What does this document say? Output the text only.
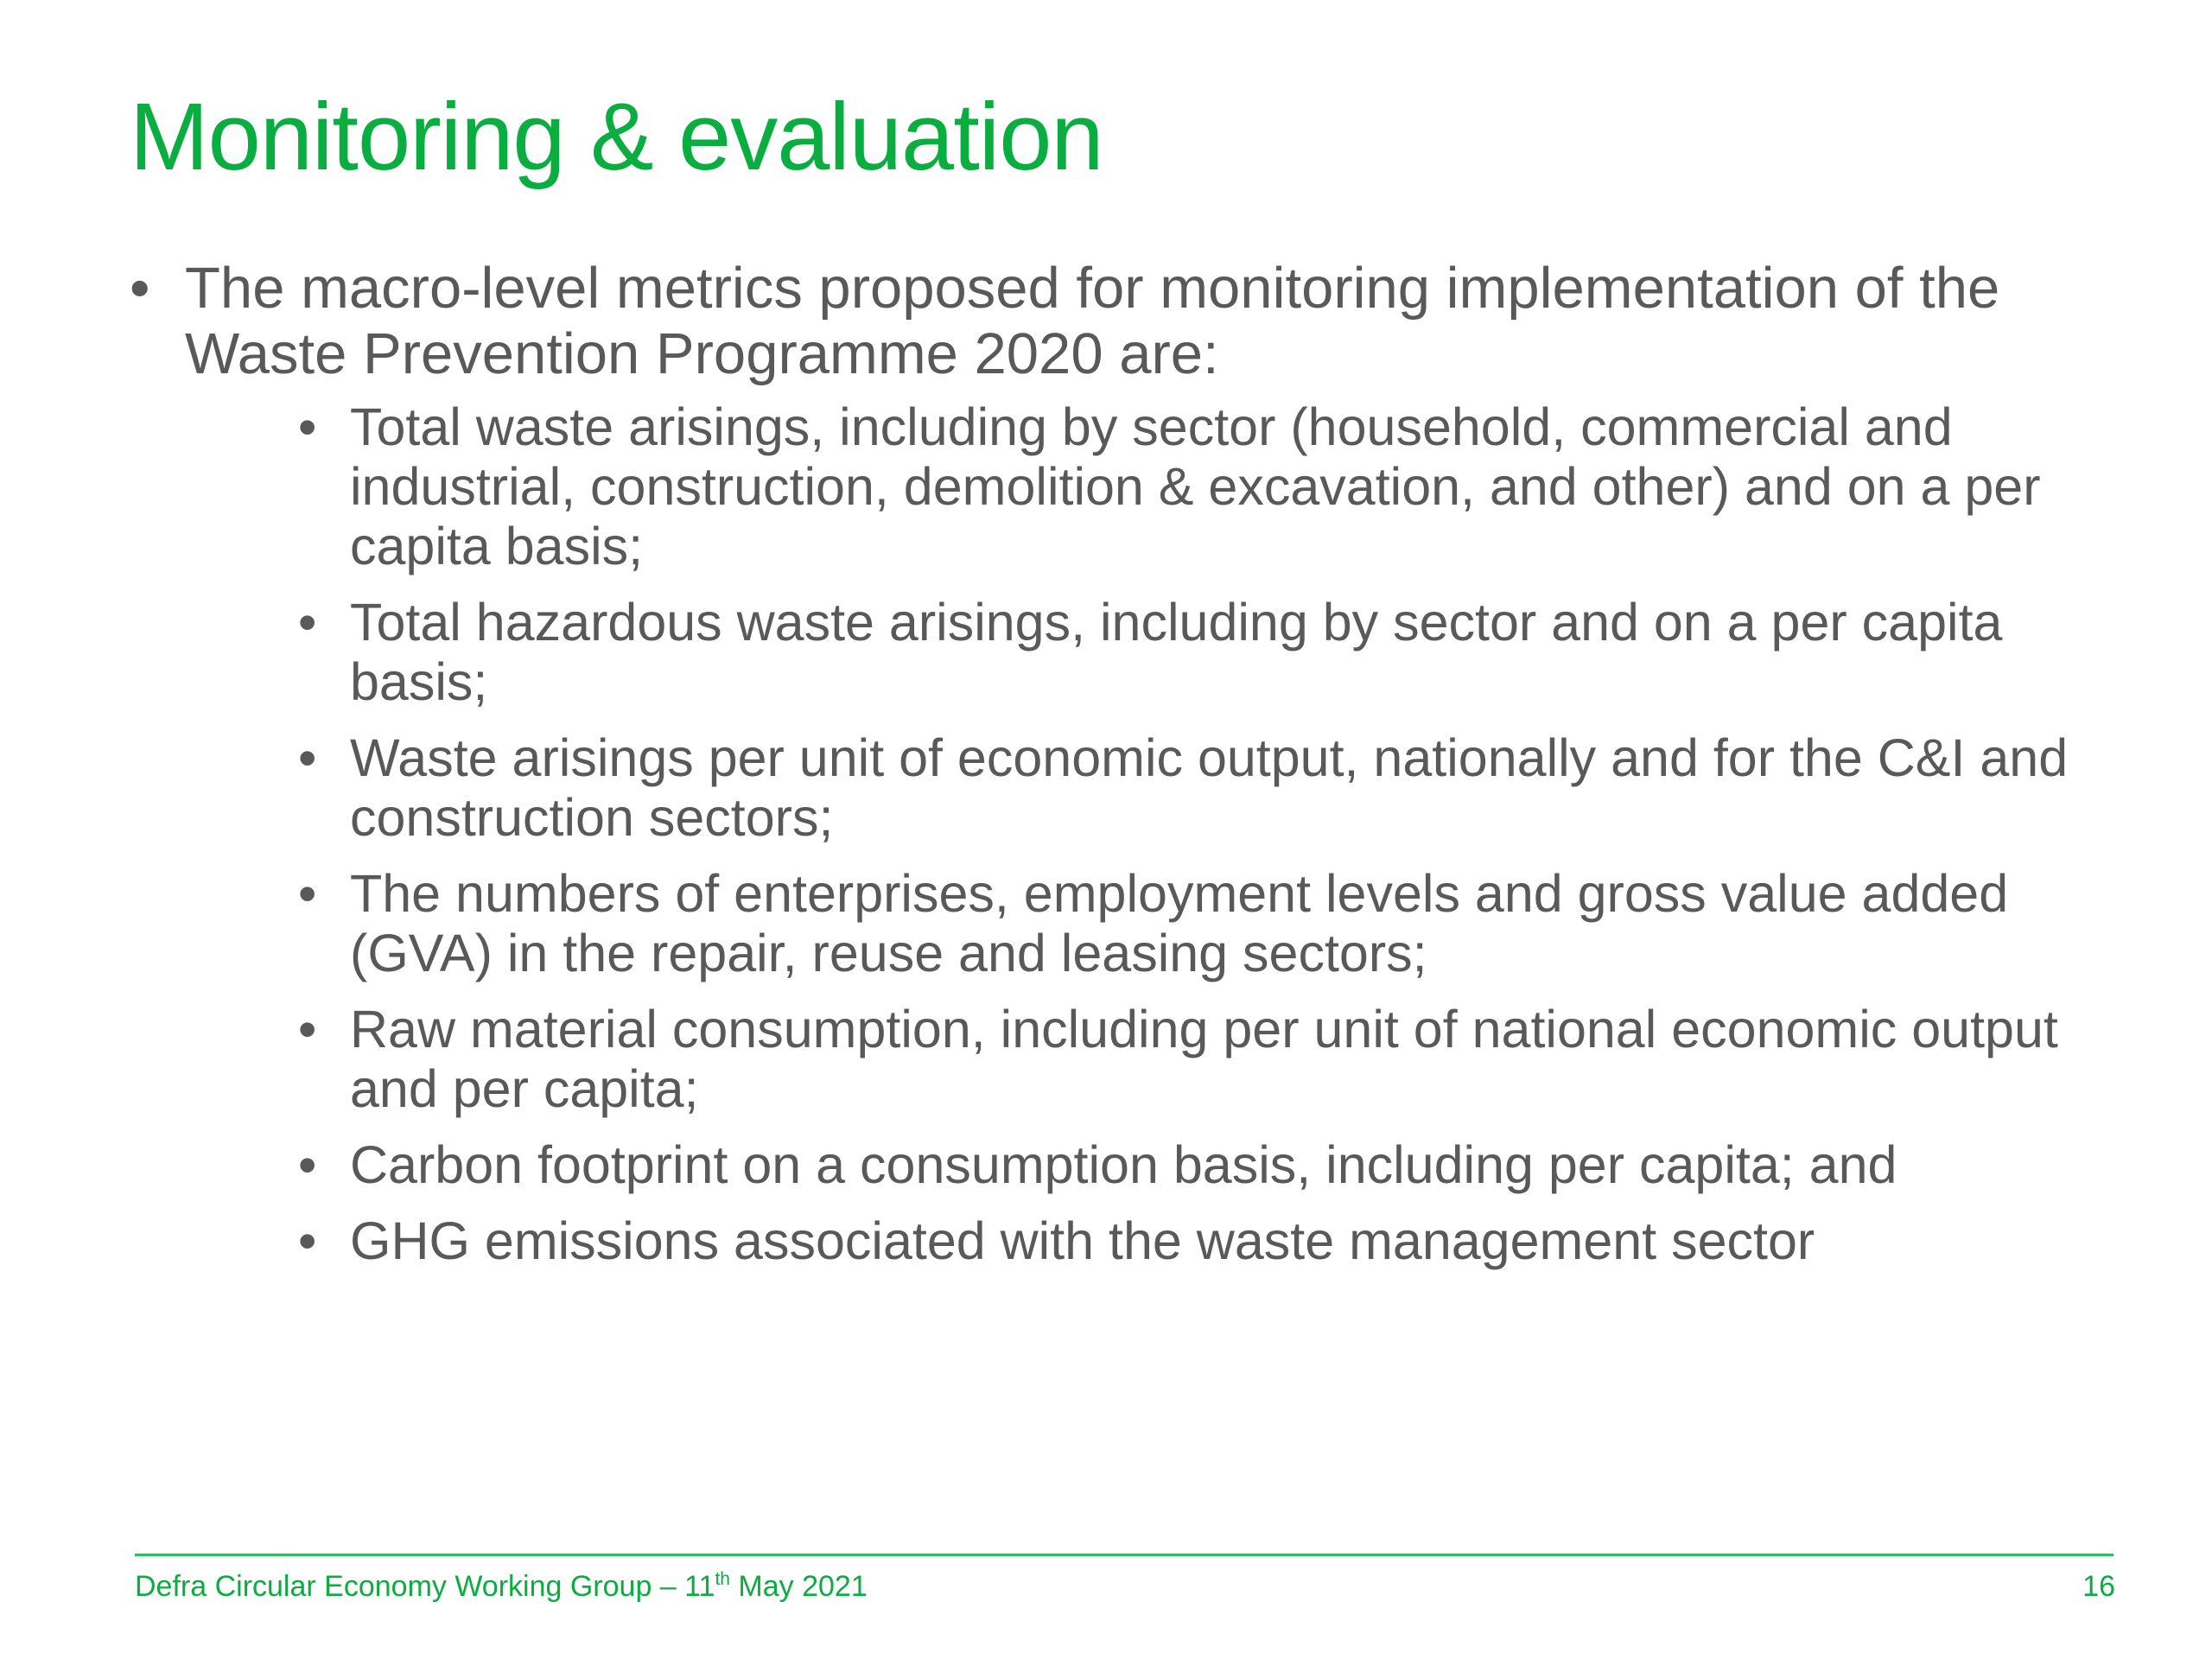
Monitoring & evaluation
• The macro-level metrics proposed for monitoring implementation of the Waste Prevention Programme 2020 are:
• Total waste arisings, including by sector (household, commercial and industrial, construction, demolition & excavation, and other) and on a per capita basis;
• Total hazardous waste arisings, including by sector and on a per capita basis;
• Waste arisings per unit of economic output, nationally and for the C&I and construction sectors;
• The numbers of enterprises, employment levels and gross value added (GVA) in the repair, reuse and leasing sectors;
• Raw material consumption, including per unit of national economic output and per capita;
• Carbon footprint on a consumption basis, including per capita; and
• GHG emissions associated with the waste management sector
Defra Circular Economy Working Group – 11th May 2021	16
